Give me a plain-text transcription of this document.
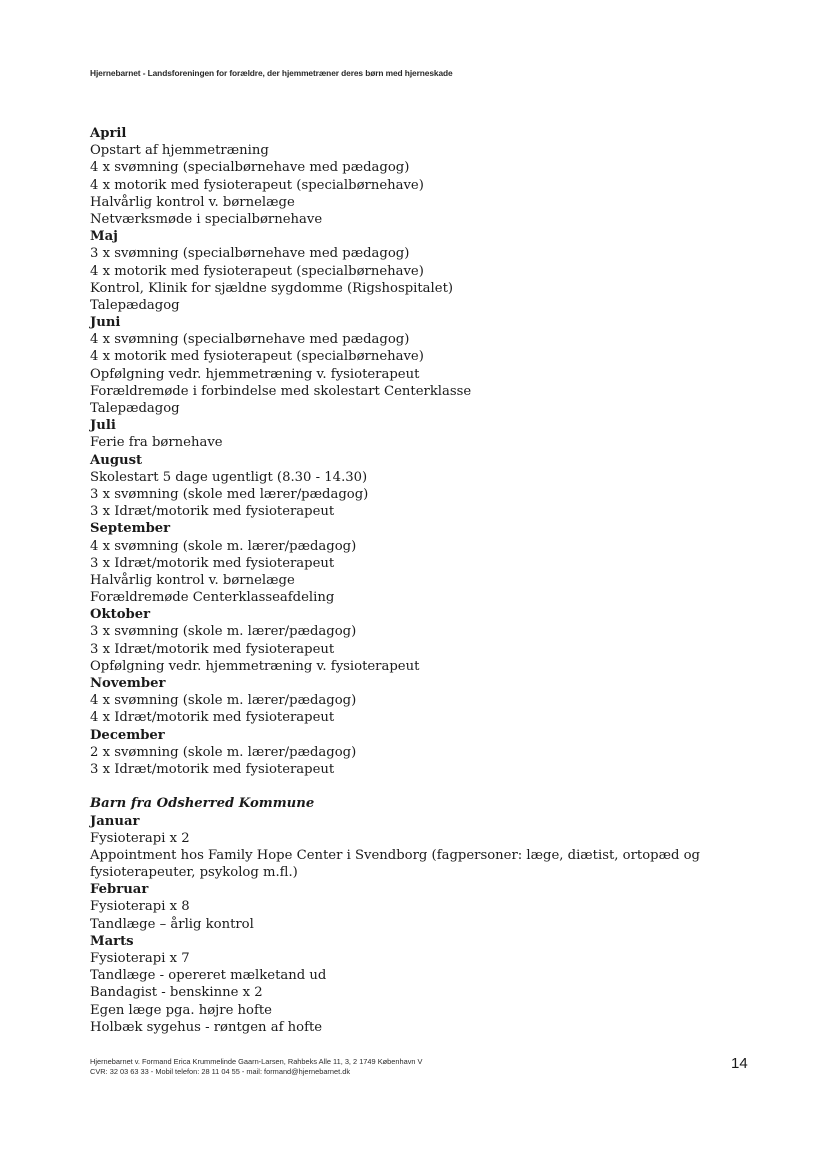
Hjernebarnet - Landsforeningen for forældre, der hjemmetræner deres børn med hjerneskade
April
Opstart af hjemmetræning
4 x svømning (specialbørnehave med pædagog)
4 x motorik med fysioterapeut (specialbørnehave)
Halvårlig kontrol v. børnelæge
Netværksmøde i specialbørnehave
Maj
3 x svømning (specialbørnehave med pædagog)
4 x motorik med fysioterapeut (specialbørnehave)
Kontrol, Klinik for sjældne sygdomme (Rigshospitalet)
Talepædagog
Juni
4 x svømning (specialbørnehave med pædagog)
4 x motorik med fysioterapeut (specialbørnehave)
Opfølgning vedr. hjemmetræning v. fysioterapeut
Forældremøde i forbindelse med skolestart Centerklasse
Talepædagog
Juli
Ferie fra børnehave
August
Skolestart 5 dage ugentligt (8.30 - 14.30)
3 x svømning (skole med lærer/pædagog)
3 x Idræt/motorik med fysioterapeut
September
4 x svømning (skole m. lærer/pædagog)
3 x Idræt/motorik med fysioterapeut
Halvårlig kontrol v. børnelæge
Forældremøde Centerklasseafdeling
Oktober
3 x svømning (skole m. lærer/pædagog)
3 x Idræt/motorik med fysioterapeut
Opfølgning vedr. hjemmetræning v. fysioterapeut
November
4 x svømning (skole m. lærer/pædagog)
4 x Idræt/motorik med fysioterapeut
December
2 x svømning (skole m. lærer/pædagog)
3 x Idræt/motorik med fysioterapeut
Barn fra Odsherred Kommune
Januar
Fysioterapi x 2
Appointment hos Family Hope Center i Svendborg (fagpersoner: læge, diætist, ortopæd og fysioterapeuter, psykolog m.fl.)
Februar
Fysioterapi x 8
Tandlæge – årlig kontrol
Marts
Fysioterapi x 7
Tandlæge - opereret mælketand ud
Bandagist - benskinne x 2
Egen læge pga. højre hofte
Holbæk sygehus - røntgen af hofte
Hjernebarnet v. Formand Erica Krummelinde Gaarn-Larsen, Rahbeks Alle 11, 3, 2 1749 København V
CVR: 32 03 63 33 - Mobil telefon: 28 11 04 55 - mail: formand@hjernebarnet.dk	14
